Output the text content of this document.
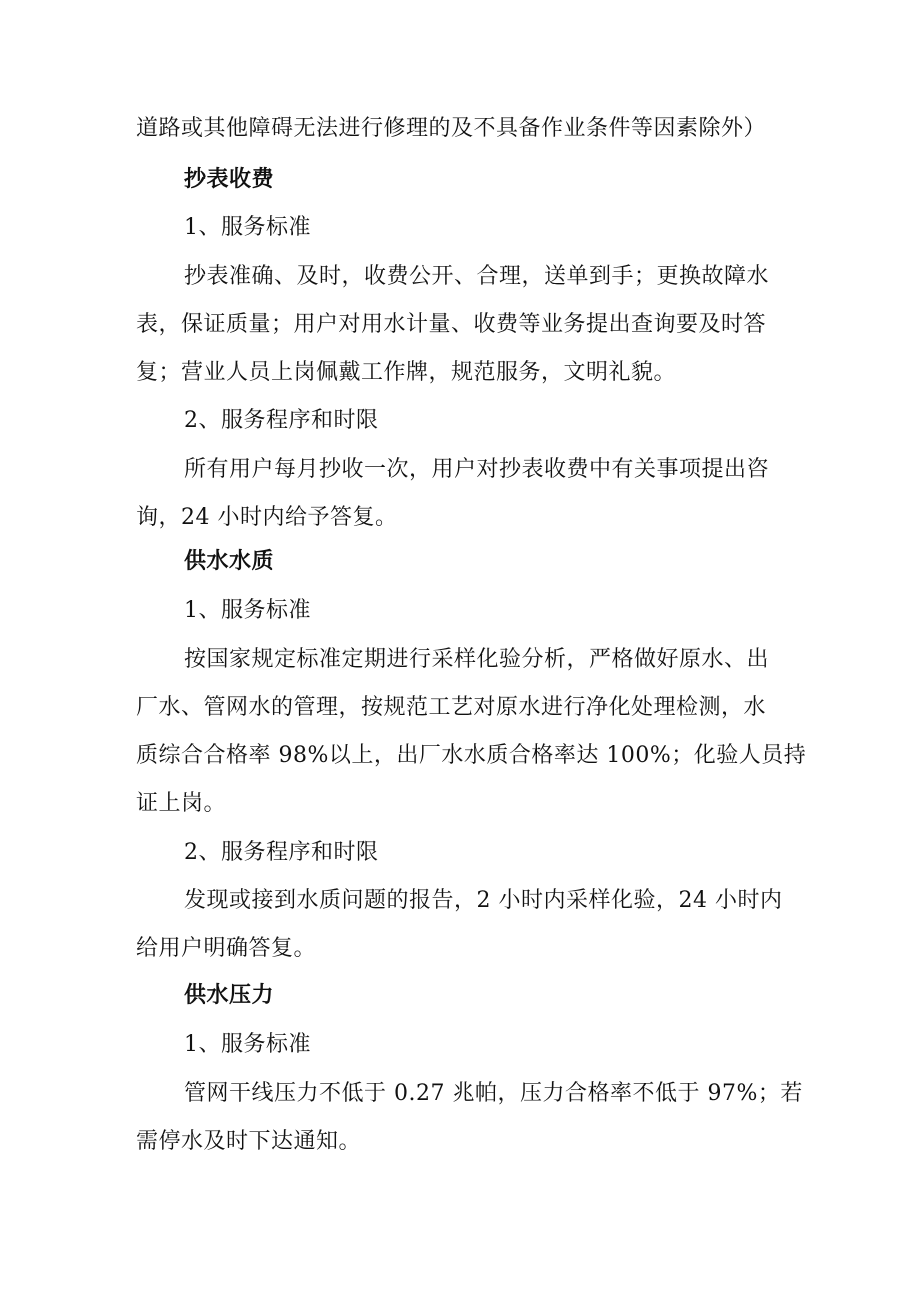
道路或其他障碍无法进行修理的及不具备作业条件等因素除外）
抄表收费
1、服务标准
抄表准确、及时，收费公开、合理，送单到手；更换故障水
表，保证质量；用户对用水计量、收费等业务提出查询要及时答
复；营业人员上岗佩戴工作牌，规范服务，文明礼貌。
2、服务程序和时限
所有用户每月抄收一次，用户对抄表收费中有关事项提出咨
询，24 小时内给予答复。
供水水质
1、服务标准
按国家规定标准定期进行采样化验分析，严格做好原水、出
厂水、管网水的管理，按规范工艺对原水进行净化处理检测，水
质综合合格率 98%以上，出厂水水质合格率达 100%；化验人员持
证上岗。
2、服务程序和时限
发现或接到水质问题的报告，2 小时内采样化验，24 小时内
给用户明确答复。
供水压力
1、服务标准
管网干线压力不低于 0.27 兆帕，压力合格率不低于 97%；若
需停水及时下达通知。
